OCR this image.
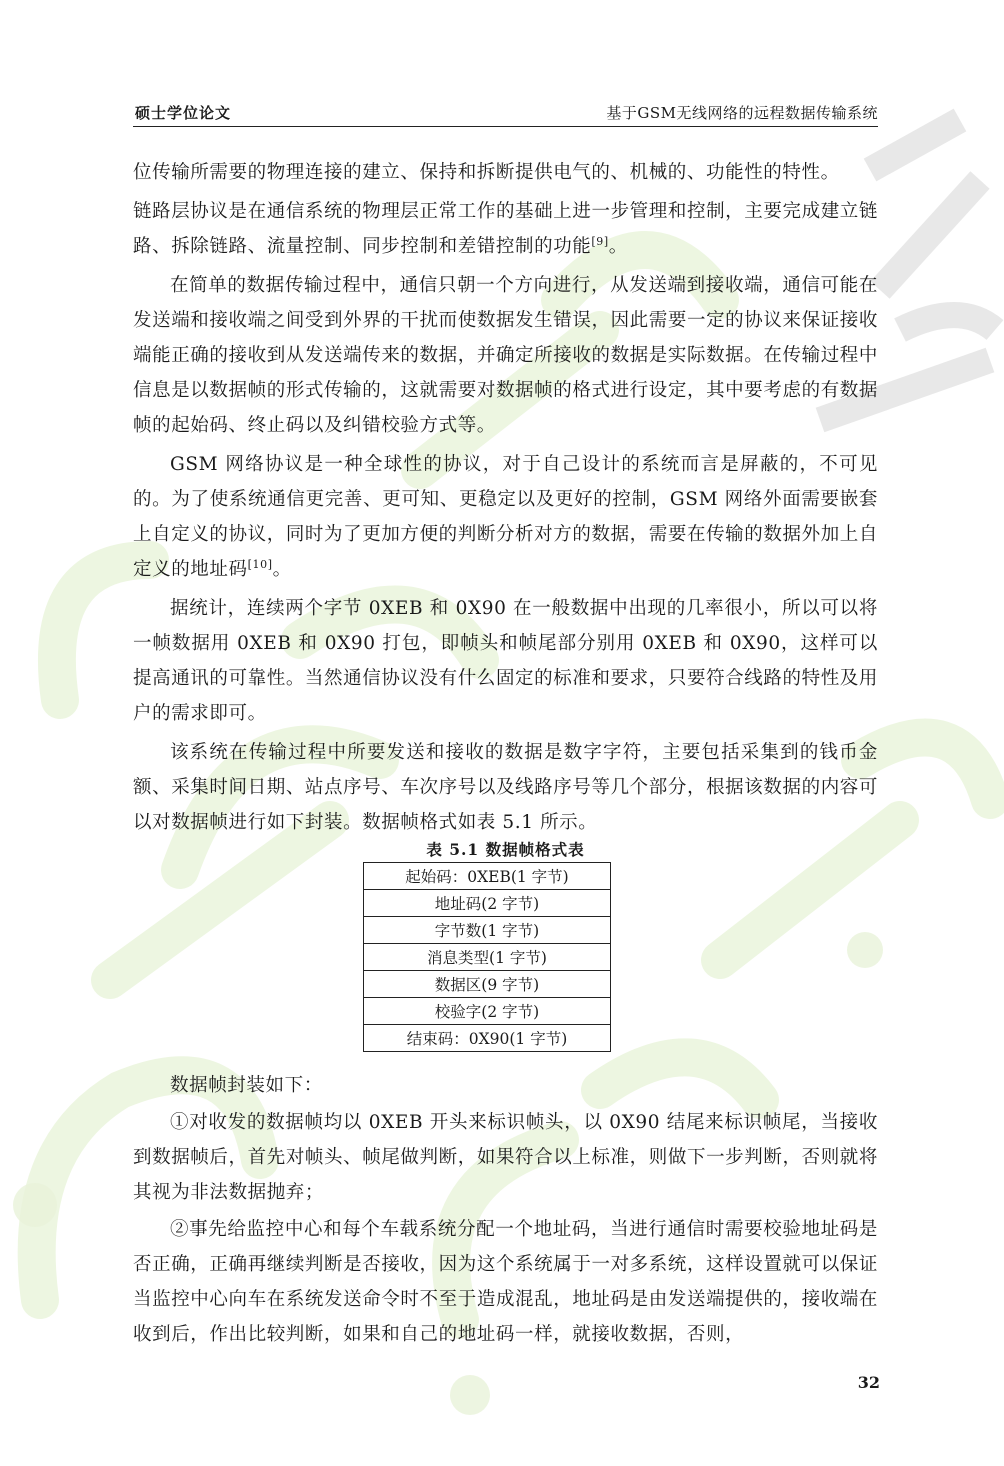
硕士学位论文	基于GSM无线网络的远程数据传输系统

位传输所需要的物理连接的建立、保持和拆断提供电气的、机械的、功能性的特性。

链路层协议是在通信系统的物理层正常工作的基础上进一步管理和控制，主要完成建立链路、拆除链路、流量控制、同步控制和差错控制的功能[9]。

在简单的数据传输过程中，通信只朝一个方向进行，从发送端到接收端，通信可能在发送端和接收端之间受到外界的干扰而使数据发生错误，因此需要一定的协议来保证接收端能正确的接收到从发送端传来的数据，并确定所接收的数据是实际数据。在传输过程中信息是以数据帧的形式传输的，这就需要对数据帧的格式进行设定，其中要考虑的有数据帧的起始码、终止码以及纠错校验方式等。

GSM 网络协议是一种全球性的协议，对于自己设计的系统而言是屏蔽的，不可见的。为了使系统通信更完善、更可知、更稳定以及更好的控制，GSM 网络外面需要嵌套上自定义的协议，同时为了更加方便的判断分析对方的数据，需要在传输的数据外加上自定义的地址码[10]。

据统计，连续两个字节 0XEB 和 0X90 在一般数据中出现的几率很小，所以可以将一帧数据用 0XEB 和 0X90 打包，即帧头和帧尾部分别用 0XEB 和 0X90，这样可以提高通讯的可靠性。当然通信协议没有什么固定的标准和要求，只要符合线路的特性及用户的需求即可。

该系统在传输过程中所要发送和接收的数据是数字字符，主要包括采集到的钱币金额、采集时间日期、站点序号、车次序号以及线路序号等几个部分，根据该数据的内容可以对数据帧进行如下封装。数据帧格式如表 5.1 所示。

表 5.1 数据帧格式表
起始码：0XEB(1 字节)
地址码(2 字节)
字节数(1 字节)
消息类型(1 字节)
数据区(9 字节)
校验字(2 字节)
结束码：0X90(1 字节)

数据帧封装如下：

①对收发的数据帧均以 0XEB 开头来标识帧头，以 0X90 结尾来标识帧尾，当接收到数据帧后，首先对帧头、帧尾做判断，如果符合以上标准，则做下一步判断，否则就将其视为非法数据抛弃；

②事先给监控中心和每个车载系统分配一个地址码，当进行通信时需要校验地址码是否正确，正确再继续判断是否接收，因为这个系统属于一对多系统，这样设置就可以保证当监控中心向车在系统发送命令时不至于造成混乱，地址码是由发送端提供的，接收端在收到后，作出比较判断，如果和自己的地址码一样，就接收数据，否则，

32
